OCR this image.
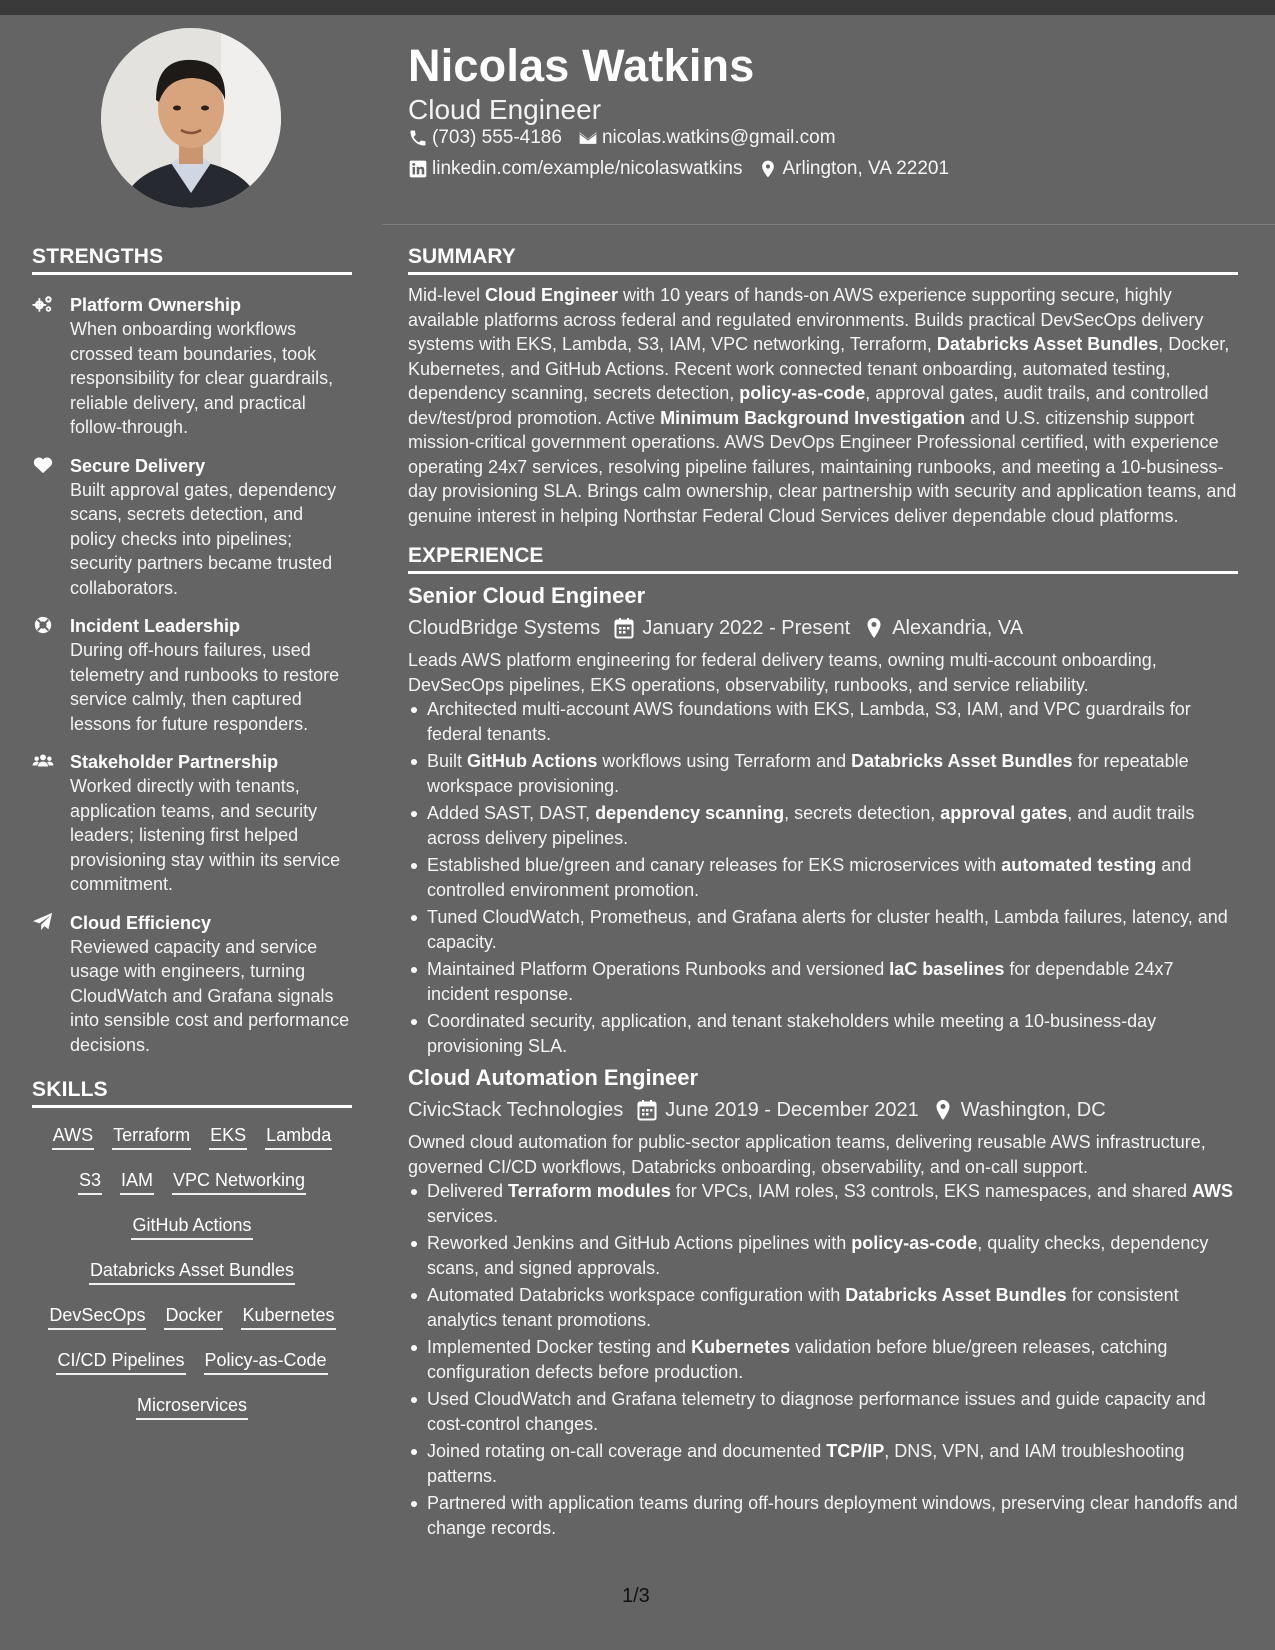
Nicolas Watkins
Cloud Engineer
(703) 555-4186 nicolas.watkins@gmail.com
linkedin.com/example/nicolaswatkins Arlington, VA 22201
STRENGTHS
Platform Ownership
When onboarding workflows crossed team boundaries, took responsibility for clear guardrails, reliable delivery, and practical follow-through.
Secure Delivery
Built approval gates, dependency scans, secrets detection, and policy checks into pipelines; security partners became trusted collaborators.
Incident Leadership
During off-hours failures, used telemetry and runbooks to restore service calmly, then captured lessons for future responders.
Stakeholder Partnership
Worked directly with tenants, application teams, and security leaders; listening first helped provisioning stay within its service commitment.
Cloud Efficiency
Reviewed capacity and service usage with engineers, turning CloudWatch and Grafana signals into sensible cost and performance decisions.
SKILLS
AWS Terraform EKS Lambda
S3 IAM VPC Networking
GitHub Actions
Databricks Asset Bundles
DevSecOps Docker Kubernetes
CI/CD Pipelines Policy-as-Code
Microservices
SUMMARY

Mid-level Cloud Engineer with 10 years of hands-on AWS experience supporting secure, highly available platforms across federal and regulated environments. Builds practical DevSecOps delivery systems with EKS, Lambda, S3, IAM, VPC networking, Terraform, Databricks Asset Bundles, Docker, Kubernetes, and GitHub Actions. Recent work connected tenant onboarding, automated testing, dependency scanning, secrets detection, policy-as-code, approval gates, audit trails, and controlled dev/test/prod promotion. Active Minimum Background Investigation and U.S. citizenship support mission-critical government operations. AWS DevOps Engineer Professional certified, with experience operating 24x7 services, resolving pipeline failures, maintaining runbooks, and meeting a 10-business-day provisioning SLA. Brings calm ownership, clear partnership with security and application teams, and genuine interest in helping Northstar Federal Cloud Services deliver dependable cloud platforms.

EXPERIENCE
Senior Cloud Engineer
CloudBridge Systems January 2022 - Present Alexandria, VA
Leads AWS platform engineering for federal delivery teams, owning multi-account onboarding, DevSecOps pipelines, EKS operations, observability, runbooks, and service reliability.
Architected multi-account AWS foundations with EKS, Lambda, S3, IAM, and VPC guardrails for federal tenants.
Built GitHub Actions workflows using Terraform and Databricks Asset Bundles for repeatable workspace provisioning.
Added SAST, DAST, dependency scanning, secrets detection, approval gates, and audit trails across delivery pipelines.
Established blue/green and canary releases for EKS microservices with automated testing and controlled environment promotion.
Tuned CloudWatch, Prometheus, and Grafana alerts for cluster health, Lambda failures, latency, and capacity.
Maintained Platform Operations Runbooks and versioned IaC baselines for dependable 24x7 incident response.
Coordinated security, application, and tenant stakeholders while meeting a 10-business-day provisioning SLA.
Cloud Automation Engineer
CivicStack Technologies June 2019 - December 2021 Washington, DC
Owned cloud automation for public-sector application teams, delivering reusable AWS infrastructure, governed CI/CD workflows, Databricks onboarding, observability, and on-call support.
Delivered Terraform modules for VPCs, IAM roles, S3 controls, EKS namespaces, and shared AWS services.
Reworked Jenkins and GitHub Actions pipelines with policy-as-code, quality checks, dependency scans, and signed approvals.
Automated Databricks workspace configuration with Databricks Asset Bundles for consistent analytics tenant promotions.
Implemented Docker testing and Kubernetes validation before blue/green releases, catching configuration defects before production.
Used CloudWatch and Grafana telemetry to diagnose performance issues and guide capacity and cost-control changes.
Joined rotating on-call coverage and documented TCP/IP, DNS, VPN, and IAM troubleshooting patterns.
Partnered with application teams during off-hours deployment windows, preserving clear handoffs and change records.
1/3
